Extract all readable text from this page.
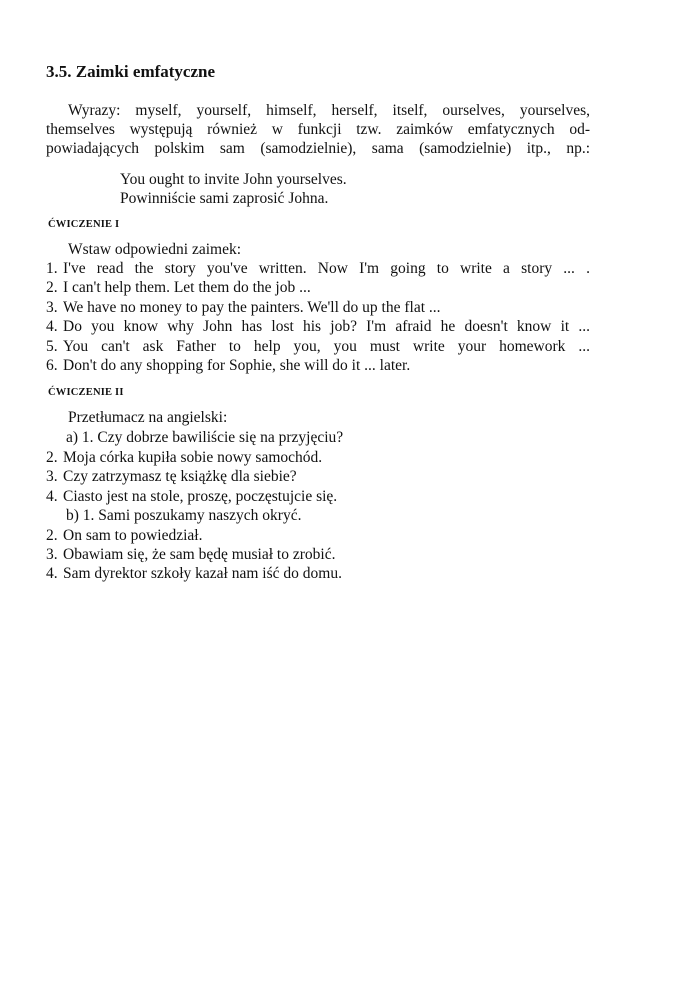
3.5. Zaimki emfatyczne
Wyrazy: myself, yourself, himself, herself, itself, ourselves, yourselves,
themselves występują również w funkcji tzw. zaimków emfatycznych od-
powiadających polskim sam (samodzielnie), sama (samodzielnie) itp., np.:
You ought to invite John yourselves.
Powinniście sami zaprosić Johna.
ĆWICZENIE I
Wstaw odpowiedni zaimek:
1. I've read the story you've written. Now I'm going to write a story ... .
2. I can't help them. Let them do the job ...
3. We have no money to pay the painters. We'll do up the flat ...
4. Do you know why John has lost his job? I'm afraid he doesn't know it ...
5. You can't ask Father to help you, you must write your homework ...
6. Don't do any shopping for Sophie, she will do it ... later.
ĆWICZENIE II
Przetłumacz na angielski:
a) 1. Czy dobrze bawiliście się na przyjęciu?
2. Moja córka kupiła sobie nowy samochód.
3. Czy zatrzymasz tę książkę dla siebie?
4. Ciasto jest na stole, proszę, poczęstujcie się.
b) 1. Sami poszukamy naszych okryć.
2. On sam to powiedział.
3. Obawiam się, że sam będę musiał to zrobić.
4. Sam dyrektor szkoły kazał nam iść do domu.
